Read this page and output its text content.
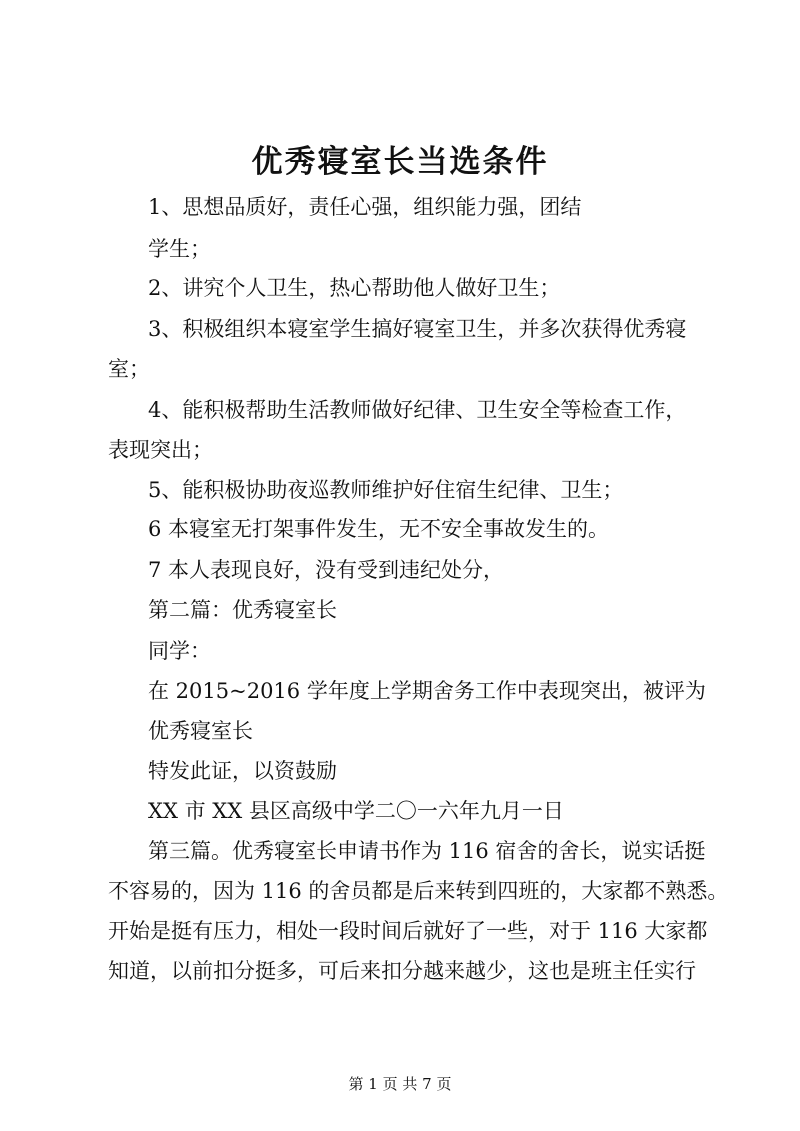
优秀寝室长当选条件

1、思想品质好，责任心强，组织能力强，团结

学生；

2、讲究个人卫生，热心帮助他人做好卫生；

3、积极组织本寝室学生搞好寝室卫生，并多次获得优秀寝

室；

4、能积极帮助生活教师做好纪律、卫生安全等检查工作，

表现突出；

5、能积极协助夜巡教师维护好住宿生纪律、卫生；

6 本寝室无打架事件发生，无不安全事故发生的。

7 本人表现良好，没有受到违纪处分，

第二篇：优秀寝室长

同学：

在 2015~2016 学年度上学期舍务工作中表现突出，被评为

优秀寝室长

特发此证，以资鼓励

XX 市 XX 县区高级中学二〇一六年九月一日

第三篇。优秀寝室长申请书作为 116 宿舍的舍长，说实话挺

不容易的，因为 116 的舍员都是后来转到四班的，大家都不熟悉。

开始是挺有压力，相处一段时间后就好了一些，对于 116 大家都

知道，以前扣分挺多，可后来扣分越来越少，这也是班主任实行

第 1 页 共 7 页
